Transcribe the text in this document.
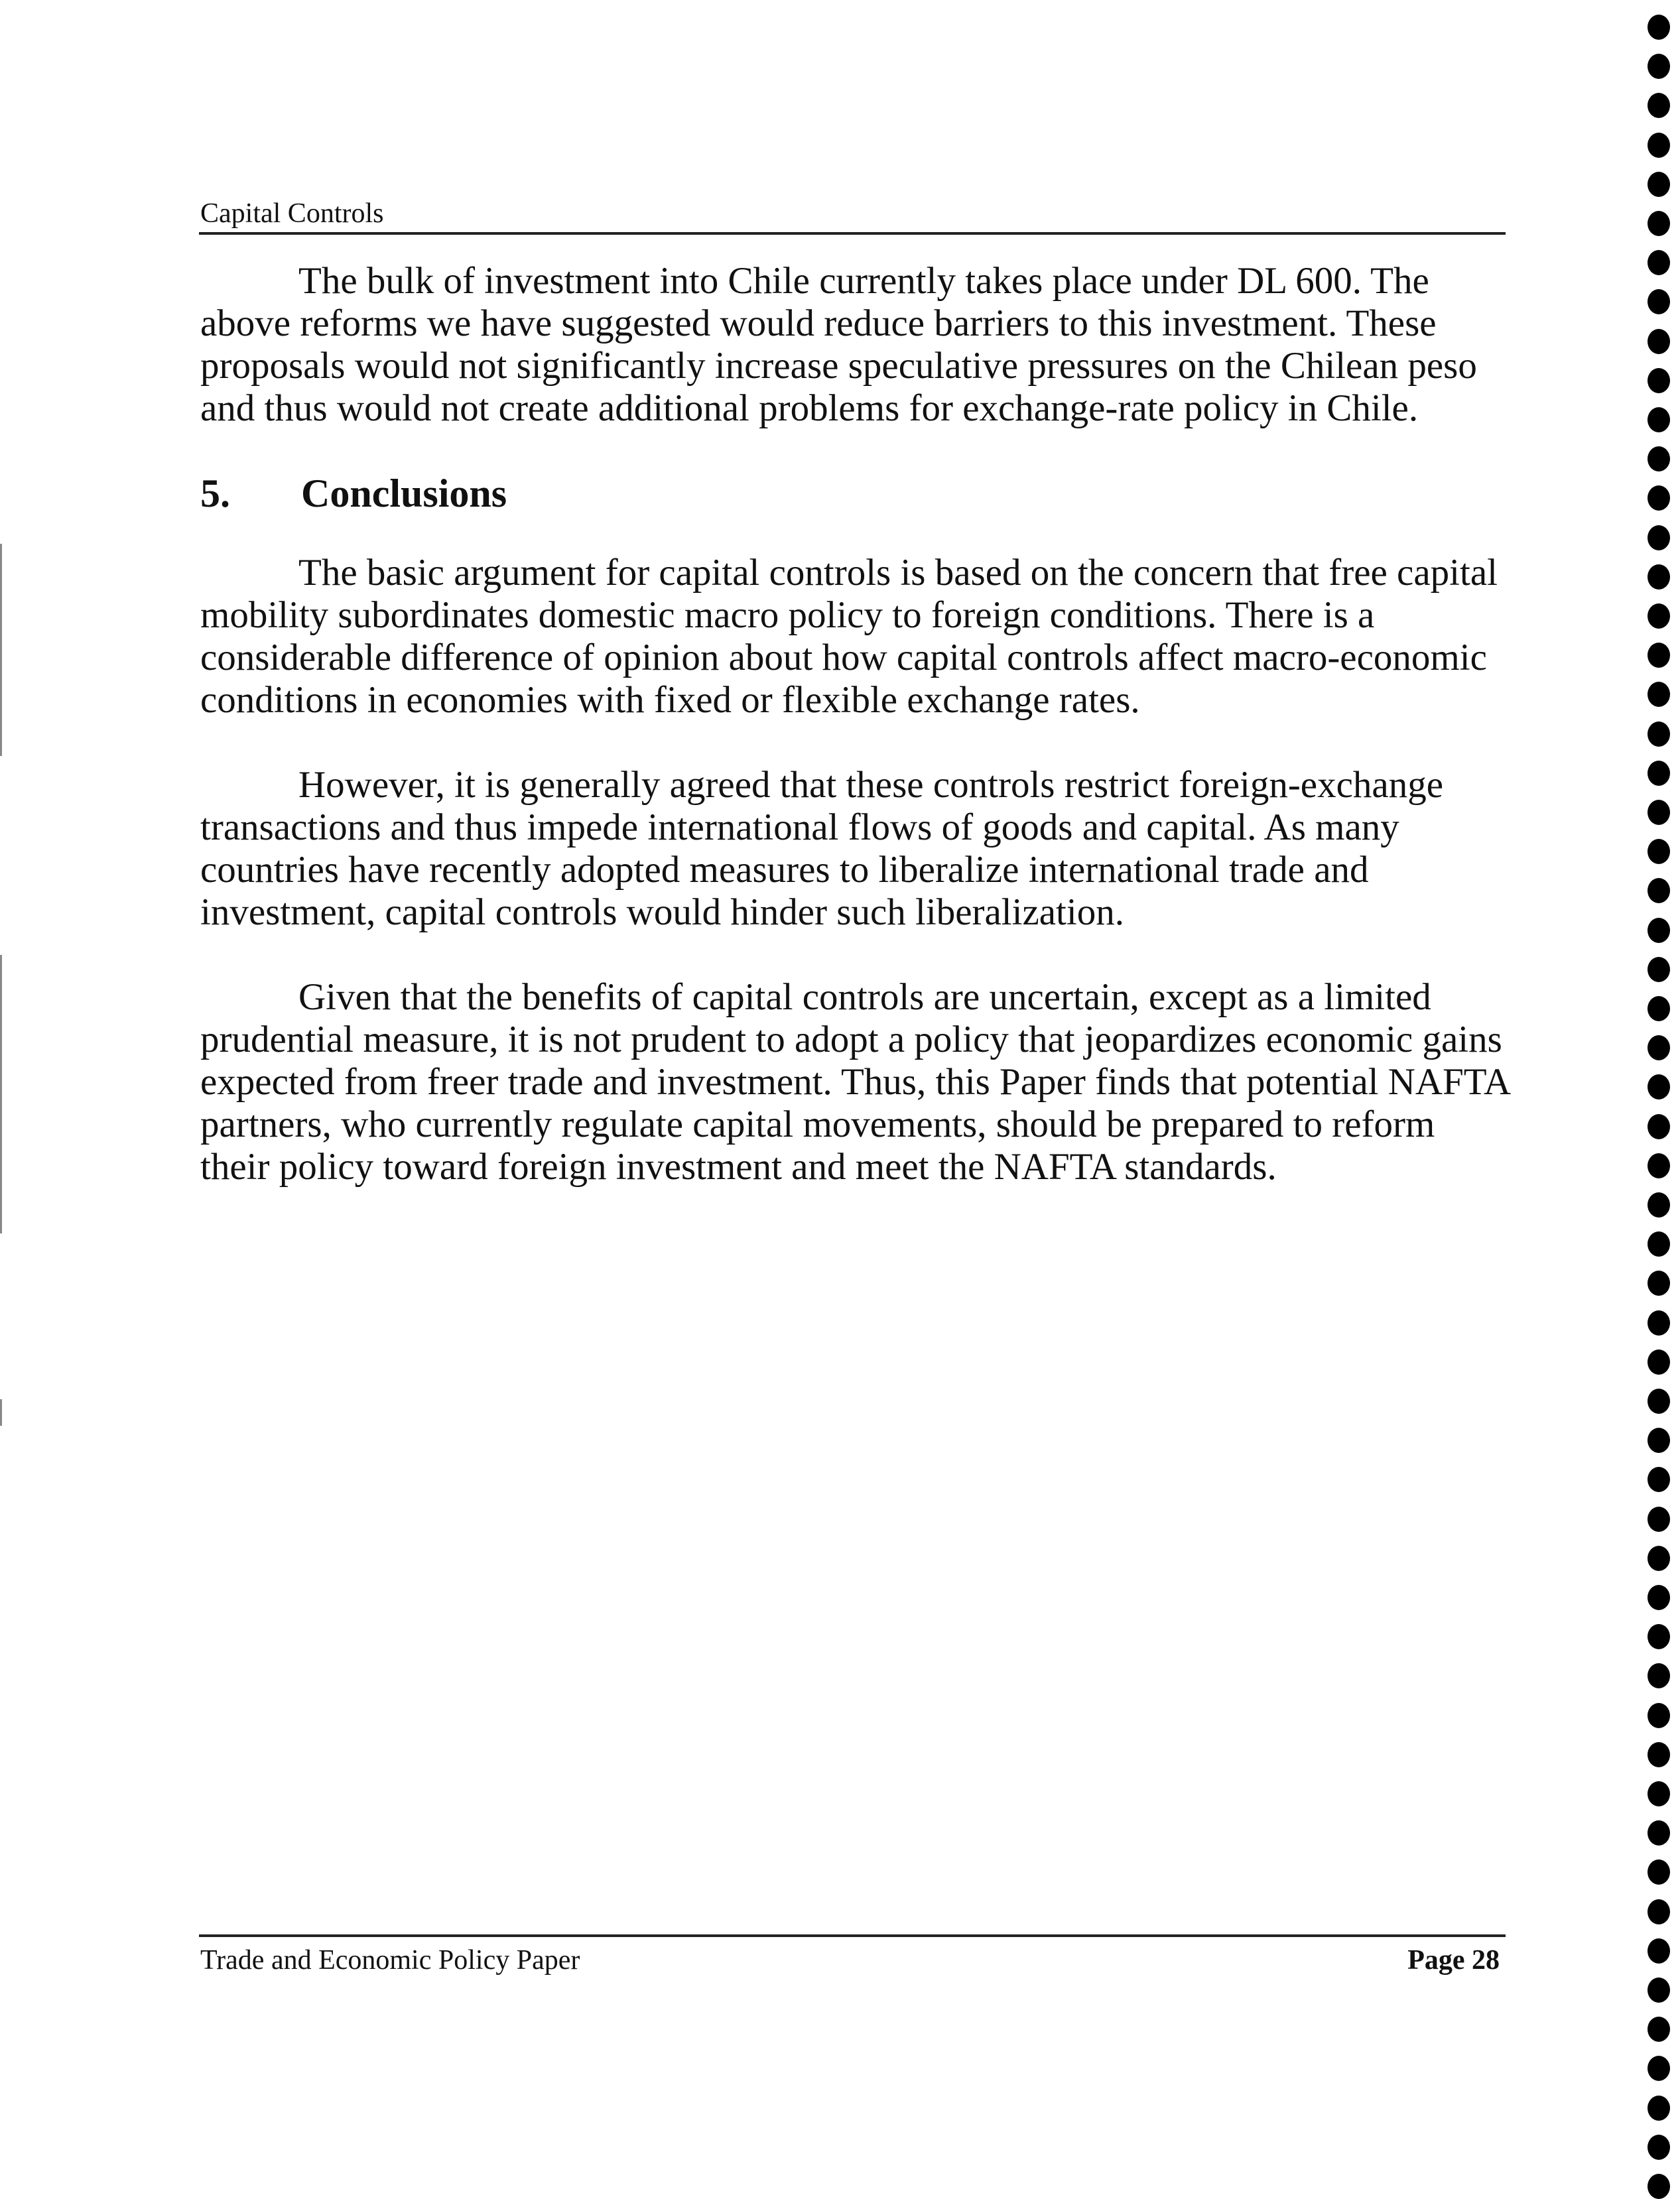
Capital Controls

The bulk of investment into Chile currently takes place under DL 600. The above reforms we have suggested would reduce barriers to this investment. These proposals would not significantly increase speculative pressures on the Chilean peso and thus would not create additional problems for exchange-rate policy in Chile.

5.	Conclusions

The basic argument for capital controls is based on the concern that free capital mobility subordinates domestic macro policy to foreign conditions. There is a considerable difference of opinion about how capital controls affect macro-economic conditions in economies with fixed or flexible exchange rates.

However, it is generally agreed that these controls restrict foreign-exchange transactions and thus impede international flows of goods and capital. As many countries have recently adopted measures to liberalize international trade and investment, capital controls would hinder such liberalization.

Given that the benefits of capital controls are uncertain, except as a limited prudential measure, it is not prudent to adopt a policy that jeopardizes economic gains expected from freer trade and investment. Thus, this Paper finds that potential NAFTA partners, who currently regulate capital movements, should be prepared to reform their policy toward foreign investment and meet the NAFTA standards.

Trade and Economic Policy Paper	Page 28
